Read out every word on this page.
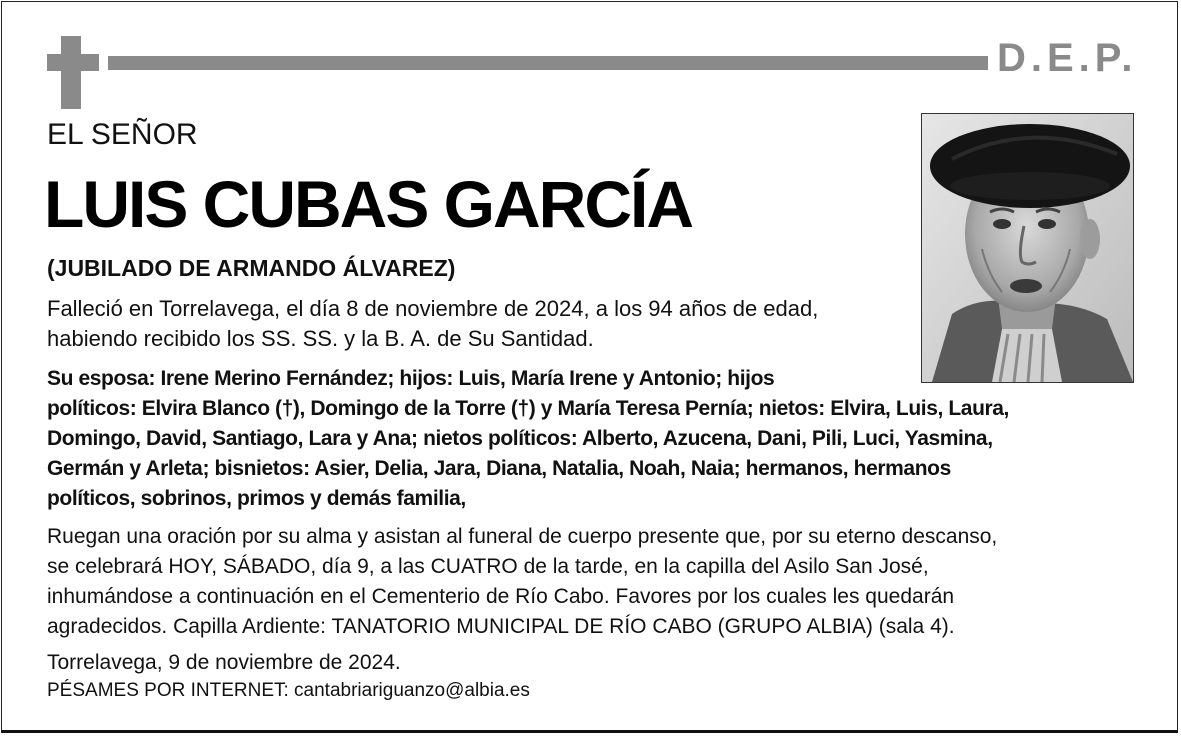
D.E.P.
EL SEÑOR
LUIS CUBAS GARCÍA
(JUBILADO DE ARMANDO ÁLVAREZ)
Falleció en Torrelavega, el día 8 de noviembre de 2024, a los 94 años de edad,
habiendo recibido los SS. SS. y la B. A. de Su Santidad.
Su esposa: Irene Merino Fernández; hijos: Luis, María Irene y Antonio; hijos
políticos: Elvira Blanco (†), Domingo de la Torre (†) y María Teresa Pernía; nietos: Elvira, Luis, Laura,
Domingo, David, Santiago, Lara y Ana; nietos políticos: Alberto, Azucena, Dani, Pili, Luci, Yasmina,
Germán y Arleta; bisnietos: Asier, Delia, Jara, Diana, Natalia, Noah, Naia; hermanos, hermanos
políticos, sobrinos, primos y demás familia,
Ruegan una oración por su alma y asistan al funeral de cuerpo presente que, por su eterno descanso,
se celebrará HOY, SÁBADO, día 9, a las CUATRO de la tarde, en la capilla del Asilo San José,
inhumándose a continuación en el Cementerio de Río Cabo. Favores por los cuales les quedarán
agradecidos. Capilla Ardiente: TANATORIO MUNICIPAL DE RÍO CABO (GRUPO ALBIA) (sala 4).
Torrelavega, 9 de noviembre de 2024.
PÉSAMES POR INTERNET: cantabriariguanzo@albia.es
